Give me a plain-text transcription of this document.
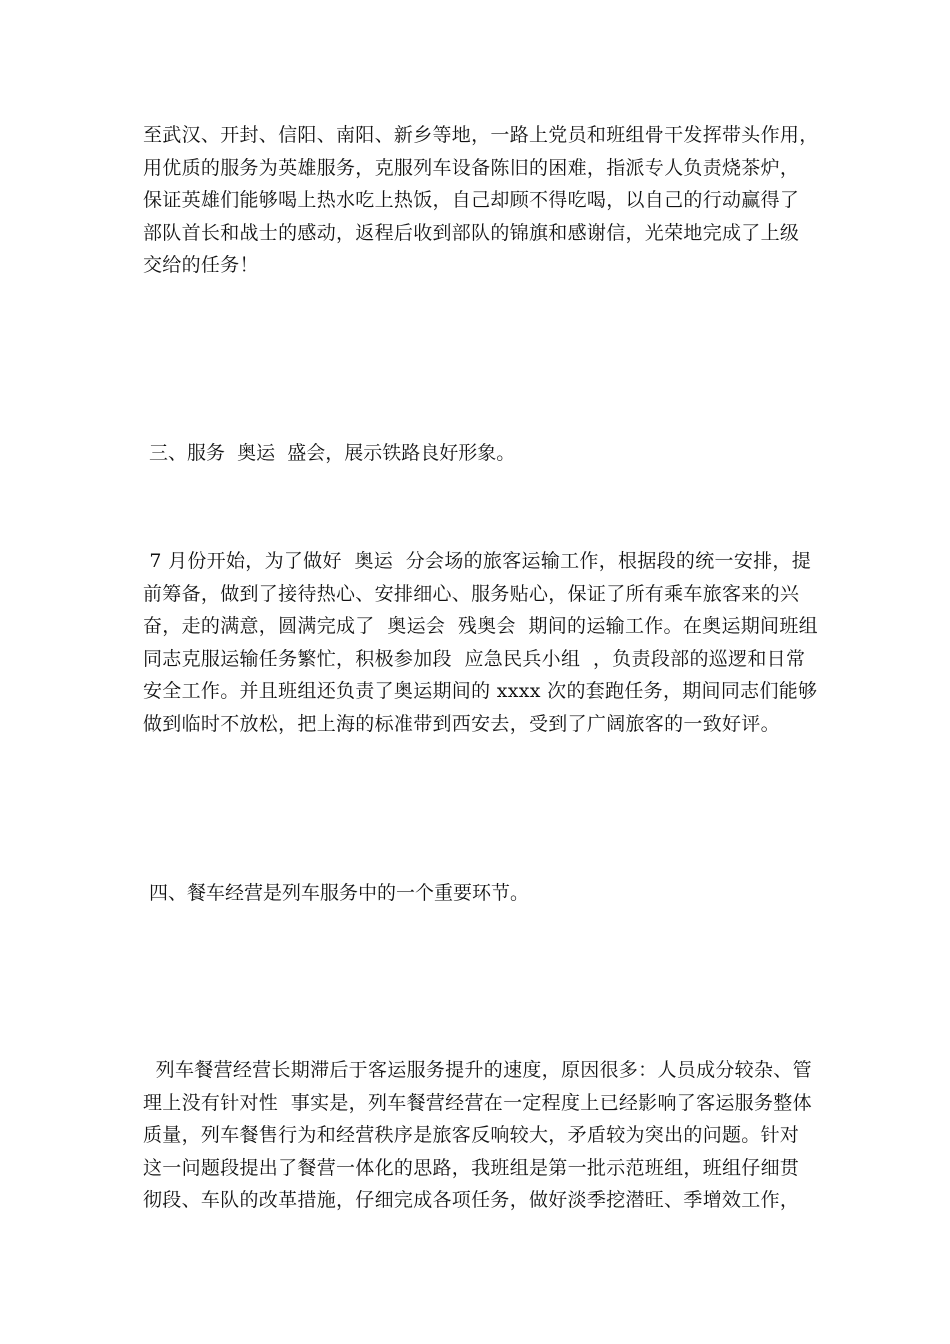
至武汉、开封、信阳、南阳、新乡等地，一路上党员和班组骨干发挥带头作用，
用优质的服务为英雄服务，克服列车设备陈旧的困难，指派专人负责烧茶炉，
保证英雄们能够喝上热水吃上热饭，自己却顾不得吃喝，以自己的行动赢得了
部队首长和战士的感动，返程后收到部队的锦旗和感谢信，光荣地完成了上级
交给的任务！
三、服务  奥运  盛会，展示铁路良好形象。
7 月份开始，为了做好  奥运  分会场的旅客运输工作，根据段的统一安排，提
前筹备，做到了接待热心、安排细心、服务贴心，保证了所有乘车旅客来的兴
奋，走的满意，圆满完成了  奥运会  残奥会  期间的运输工作。在奥运期间班组
同志克服运输任务繁忙，积极参加段  应急民兵小组  ，负责段部的巡逻和日常
安全工作。并且班组还负责了奥运期间的 xxxx 次的套跑任务，期间同志们能够
做到临时不放松，把上海的标准带到西安去，受到了广阔旅客的一致好评。
四、餐车经营是列车服务中的一个重要环节。
列车餐营经营长期滞后于客运服务提升的速度，原因很多：人员成分较杂、管
理上没有针对性  事实是，列车餐营经营在一定程度上已经影响了客运服务整体
质量，列车餐售行为和经营秩序是旅客反响较大，矛盾较为突出的问题。针对
这一问题段提出了餐营一体化的思路，我班组是第一批示范班组，班组仔细贯
彻段、车队的改革措施，仔细完成各项任务，做好淡季挖潜旺、季增效工作，
